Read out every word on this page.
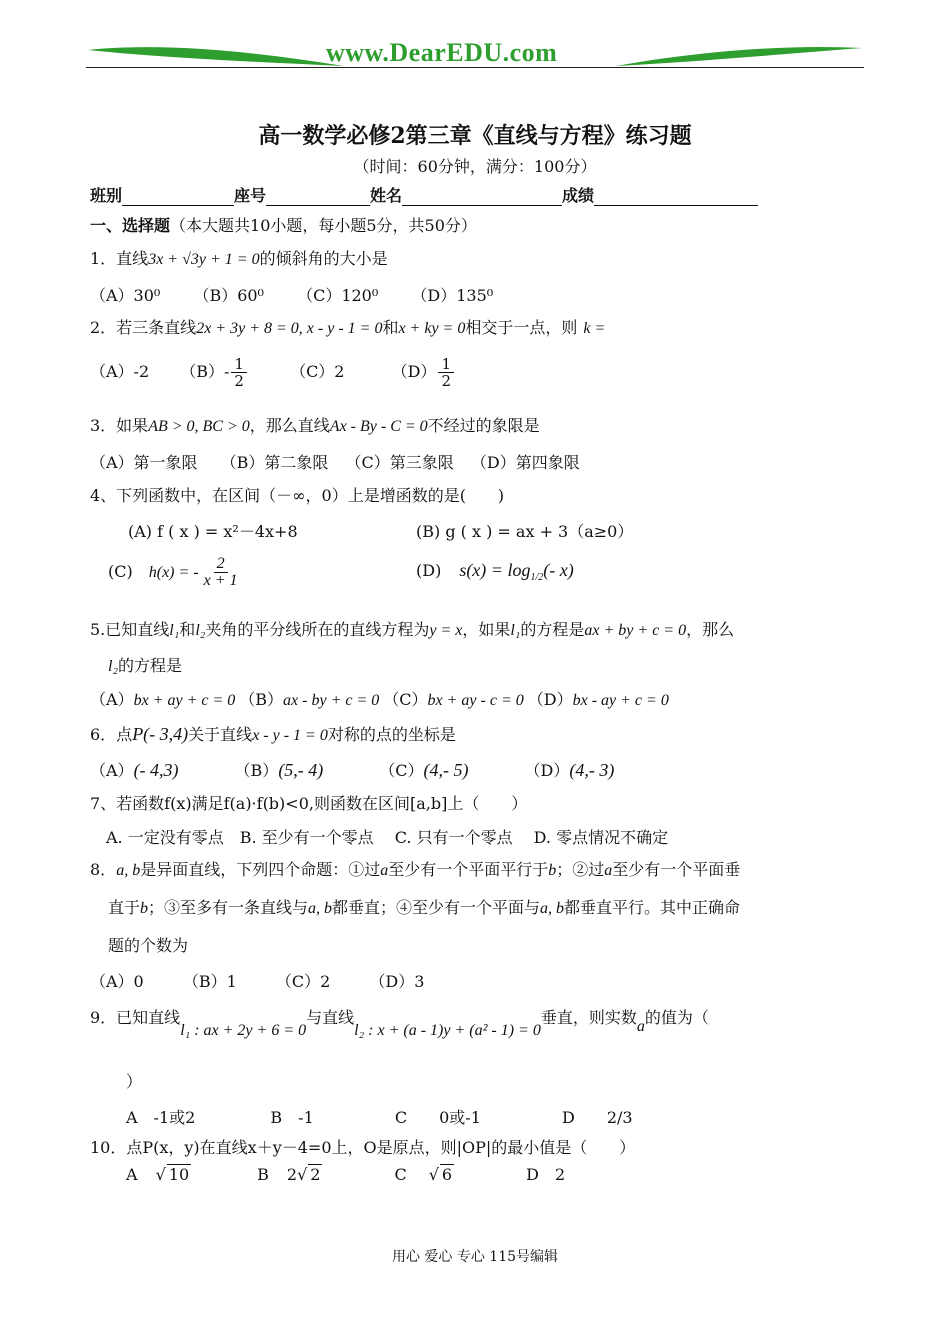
www.DearEDU.com
高一数学必修2第三章《直线与方程》练习题
（时间：60分钟，满分：100分）
班别	座号	姓名	成绩
一、选择题（本大题共10小题，每小题5分，共50分）
1．直线3x + √3y + 1 = 0的倾斜角的大小是
（A）30⁰ （B）60⁰ （C）120⁰ （D）135⁰
2．若三条直线2x + 3y + 8 = 0, x - y - 1 = 0和x + ky = 0相交于一点，则 k =
（A）-2 $(B)- \frac{1}{2}$	（C）2	$(D) \frac{1}{2}$
3．如果AB > 0, BC > 0，那么直线Ax - By - C = 0不经过的象限是
（A）第一象限 （B）第二象限 （C）第三象限 （D）第四象限
4、下列函数中，在区间（－∞，0）上是增函数的是(　　)
(A) f ( x ) = x²－4x+8	(B) g ( x ) = ax + 3（a≥0）
(C) h(x) = - $\frac{2}{x + 1}$	(D) $s(x) = \log_{1/2}(-$ x)
5.已知直线l₁和l₂夹角的平分线所在的直线方程为y = x，如果l₁的方程是ax + by + c = 0，那么
l₂的方程是
（A）bx + ay + c = 0 （B）ax - by + c = 0 （C）bx + ay - c = 0 （D）bx - ay + c = 0
6．点P(- 3,4)关于直线x - y - 1 = 0对称的点的坐标是
（A）(- 4,3)	（B）(5,- 4)	（C）(4,- 5)	（D）(4,- 3)
7、若函数f(x)满足f(a)·f(b)<0,则函数在区间[a,b]上（　　）
A. 一定没有零点　B. 至少有一个零点　 C. 只有一个零点　 D. 零点情况不确定
8．a, b是异面直线，下列四个命题：①过a至少有一个平面平行于b；②过a至少有一个平面垂
直于b；③至多有一条直线与a, b都垂直；④至少有一个平面与a, b都垂直平行。其中正确命
题的个数为
（A）0 （B）1 （C）2 （D）3
9．已知直线l₁ : ax + 2y + 6 = 0与直线l₂ : x + (a - 1)y + (a² - 1) = 0垂直，则实数a的值为（
）
A　-1或2	B　-1	C　　0或-1	D　　2/3
10．点P(x，y)在直线x＋y－4=0上，O是原点，则|OP|的最小值是（　　）
A √ 10	B 2√ 2	C √ 6	D　2
用心 爱心 专心 115号编辑
